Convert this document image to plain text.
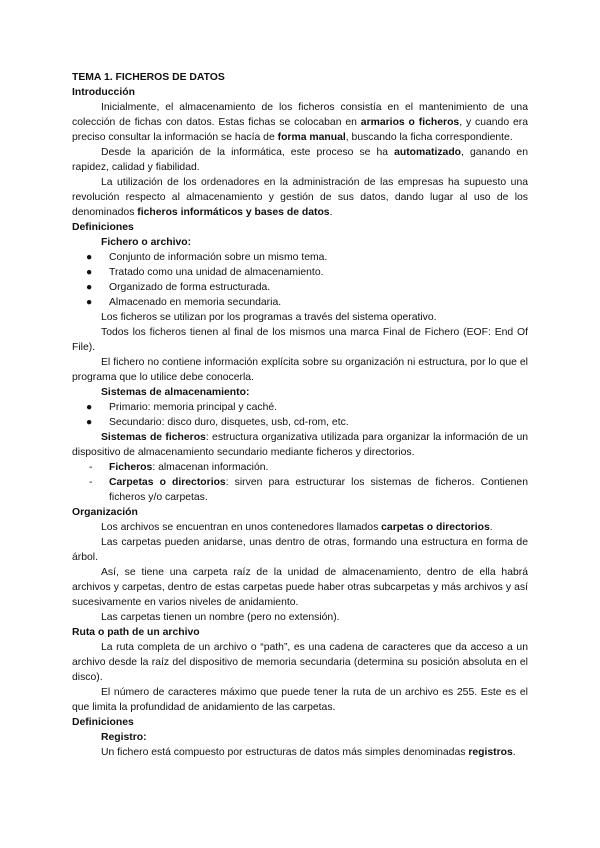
TEMA 1. FICHEROS DE DATOS

Introducción

Inicialmente, el almacenamiento de los ficheros consistía en el mantenimiento de una colección de fichas con datos. Estas fichas se colocaban en armarios o ficheros, y cuando era preciso consultar la información se hacía de forma manual, buscando la ficha correspondiente.

Desde la aparición de la informática, este proceso se ha automatizado, ganando en rapidez, calidad y fiabilidad.

La utilización de los ordenadores en la administración de las empresas ha supuesto una revolución respecto al almacenamiento y gestión de sus datos, dando lugar al uso de los denominados ficheros informáticos y bases de datos.

Definiciones

Fichero o archivo:

● Conjunto de información sobre un mismo tema.
● Tratado como una unidad de almacenamiento.
● Organizado de forma estructurada.
● Almacenado en memoria secundaria.

Los ficheros se utilizan por los programas a través del sistema operativo.

Todos los ficheros tienen al final de los mismos una marca Final de Fichero (EOF: End Of File).

El fichero no contiene información explícita sobre su organización ni estructura, por lo que el programa que lo utilice debe conocerla.

Sistemas de almacenamiento:

● Primario: memoria principal y caché.
● Secundario: disco duro, disquetes, usb, cd-rom, etc.

Sistemas de ficheros: estructura organizativa utilizada para organizar la información de un dispositivo de almacenamiento secundario mediante ficheros y directorios.

- Ficheros: almacenan información.
- Carpetas o directorios: sirven para estructurar los sistemas de ficheros. Contienen ficheros y/o carpetas.

Organización

Los archivos se encuentran en unos contenedores llamados carpetas o directorios.

Las carpetas pueden anidarse, unas dentro de otras, formando una estructura en forma de árbol.

Así, se tiene una carpeta raíz de la unidad de almacenamiento, dentro de ella habrá archivos y carpetas, dentro de estas carpetas puede haber otras subcarpetas y más archivos y así sucesivamente en varios niveles de anidamiento.

Las carpetas tienen un nombre (pero no extensión).

Ruta o path de un archivo

La ruta completa de un archivo o “path”, es una cadena de caracteres que da acceso a un archivo desde la raíz del dispositivo de memoria secundaria (determina su posición absoluta en el disco).

El número de caracteres máximo que puede tener la ruta de un archivo es 255. Este es el que limita la profundidad de anidamiento de las carpetas.

Definiciones

Registro:

Un fichero está compuesto por estructuras de datos más simples denominadas registros.
